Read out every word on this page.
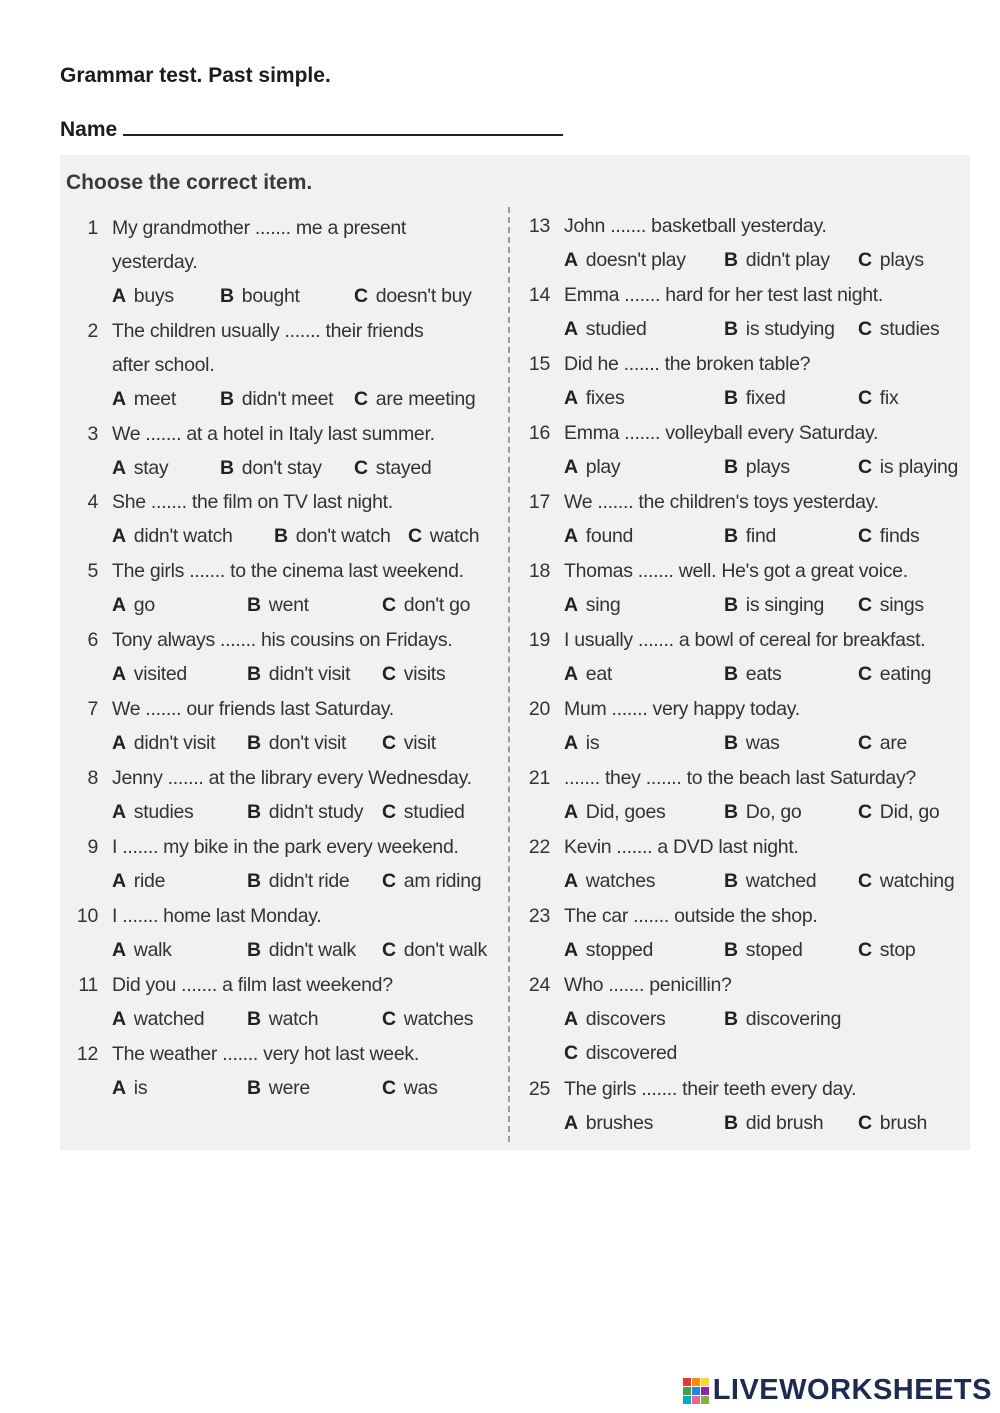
Grammar test. Past simple.
Name
Choose the correct item.
1 My grandmother ....... me a present
yesterday.
A buys B bought	C doesn't buy
2 The children usually ....... their friends
after school.
A meet B didn't meet C are meeting
3 We ....... at a hotel in Italy last summer.
A stay	B don't stay C stayed
4 She ....... the film on TV last night.
A didn't watch B don't watch C watch
5 The girls ....... to the cinema last weekend.
A go	B went	C don't go
6 Tony always ....... his cousins on Fridays.
A visited	B didn't visit C visits
7 We ....... our friends last Saturday.
A didn't visit B don't visit C visit
8 Jenny ....... at the library every Wednesday.
A studies	B didn't study C studied
9 I ....... my bike in the park every weekend.
A ride	B didn't ride C am riding
10 I ....... home last Monday.
A walk	B didn't walk C don't walk
11 Did you ....... a film last weekend?
A watched B watch	C watches
12 The weather ....... very hot last week.
A is	B were	C was
13 John ....... basketball yesterday.
A doesn't play B didn't play C plays
14 Emma ....... hard for her test last night.
A studied	B is studying C studies
15 Did he ....... the broken table?
A fixes	B fixed	C fix
16 Emma ....... volleyball every Saturday.
A play	B plays	C is playing
17 We ....... the children's toys yesterday.
A found	B find	C finds
18 Thomas ....... well. He's got a great voice.
A sing	B is singing C sings
19 I usually ....... a bowl of cereal for breakfast.
A eat	B eats	C eating
20 Mum ....... very happy today.
A is	B was	C are
21 ....... they ....... to the beach last Saturday?
A Did, goes	B Do, go	C Did, go
22 Kevin ....... a DVD last night.
A watches	B watched C watching
23 The car ....... outside the shop.
A stopped	B stoped	C stop
24 Who ....... penicillin?
A discovers	B discovering
C discovered
25 The girls ....... their teeth every day.
A brushes	B did brush C brush
LIVEWORKSHEETS
